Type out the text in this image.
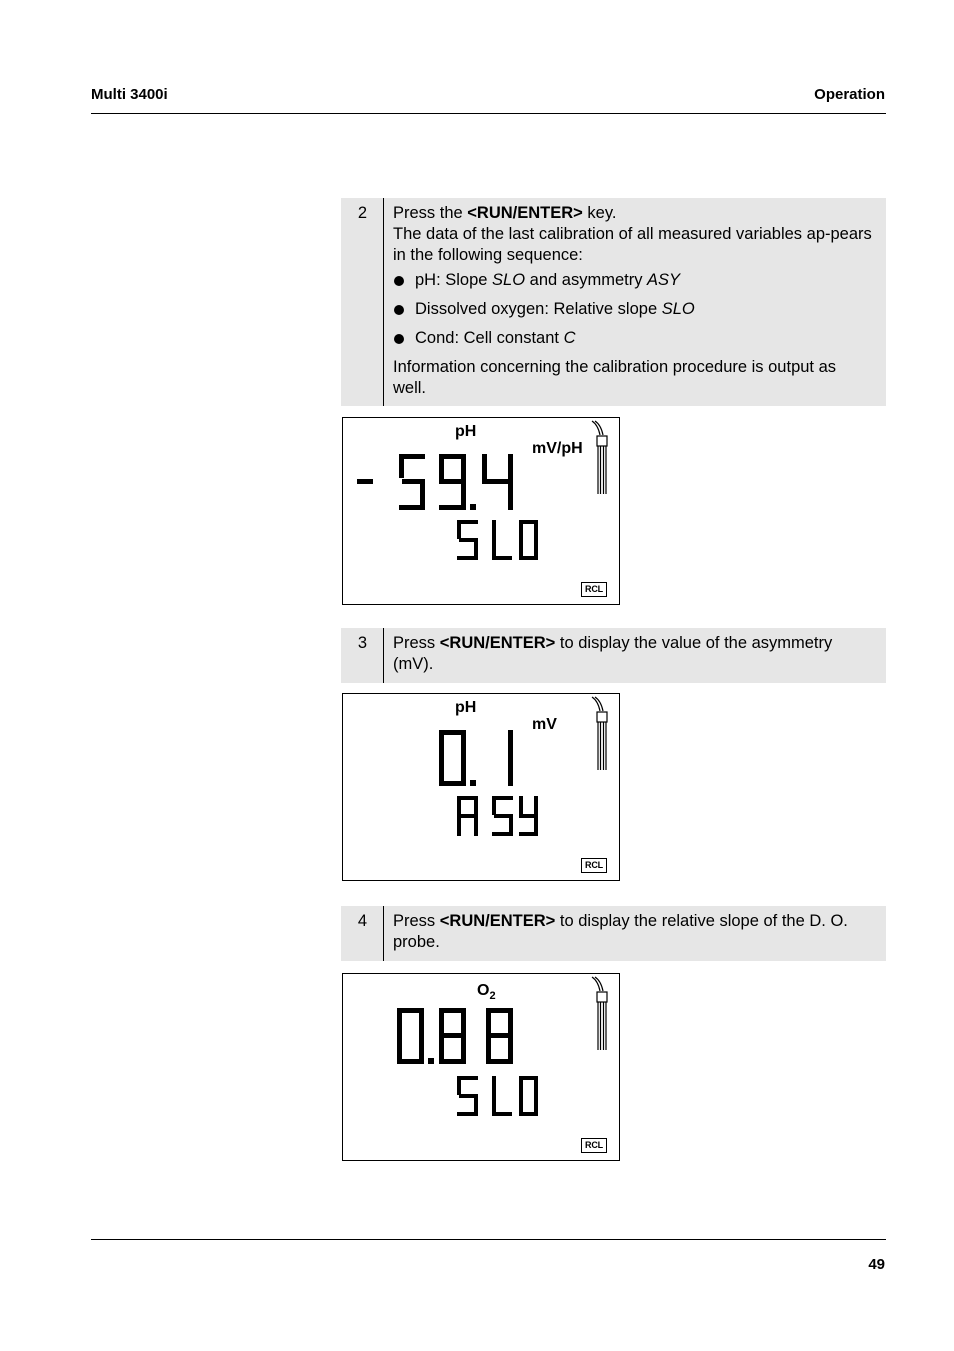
Multi 3400i	Operation
2	Press the <RUN/ENTER> key.

The data of the last calibration of all measured variables ap-pears in the following sequence:

pH: Slope SLO and asymmetry ASY
Dissolved oxygen: Relative slope SLO
Cond: Cell constant C

Information concerning the calibration procedure is output as well.

pH
mV/pH
RCL
3	Press <RUN/ENTER> to display the value of the asymmetry (mV).

pH
mV
RCL
4	Press <RUN/ENTER> to display the relative slope of the D. O. probe.

$O_2$
RCL
49
